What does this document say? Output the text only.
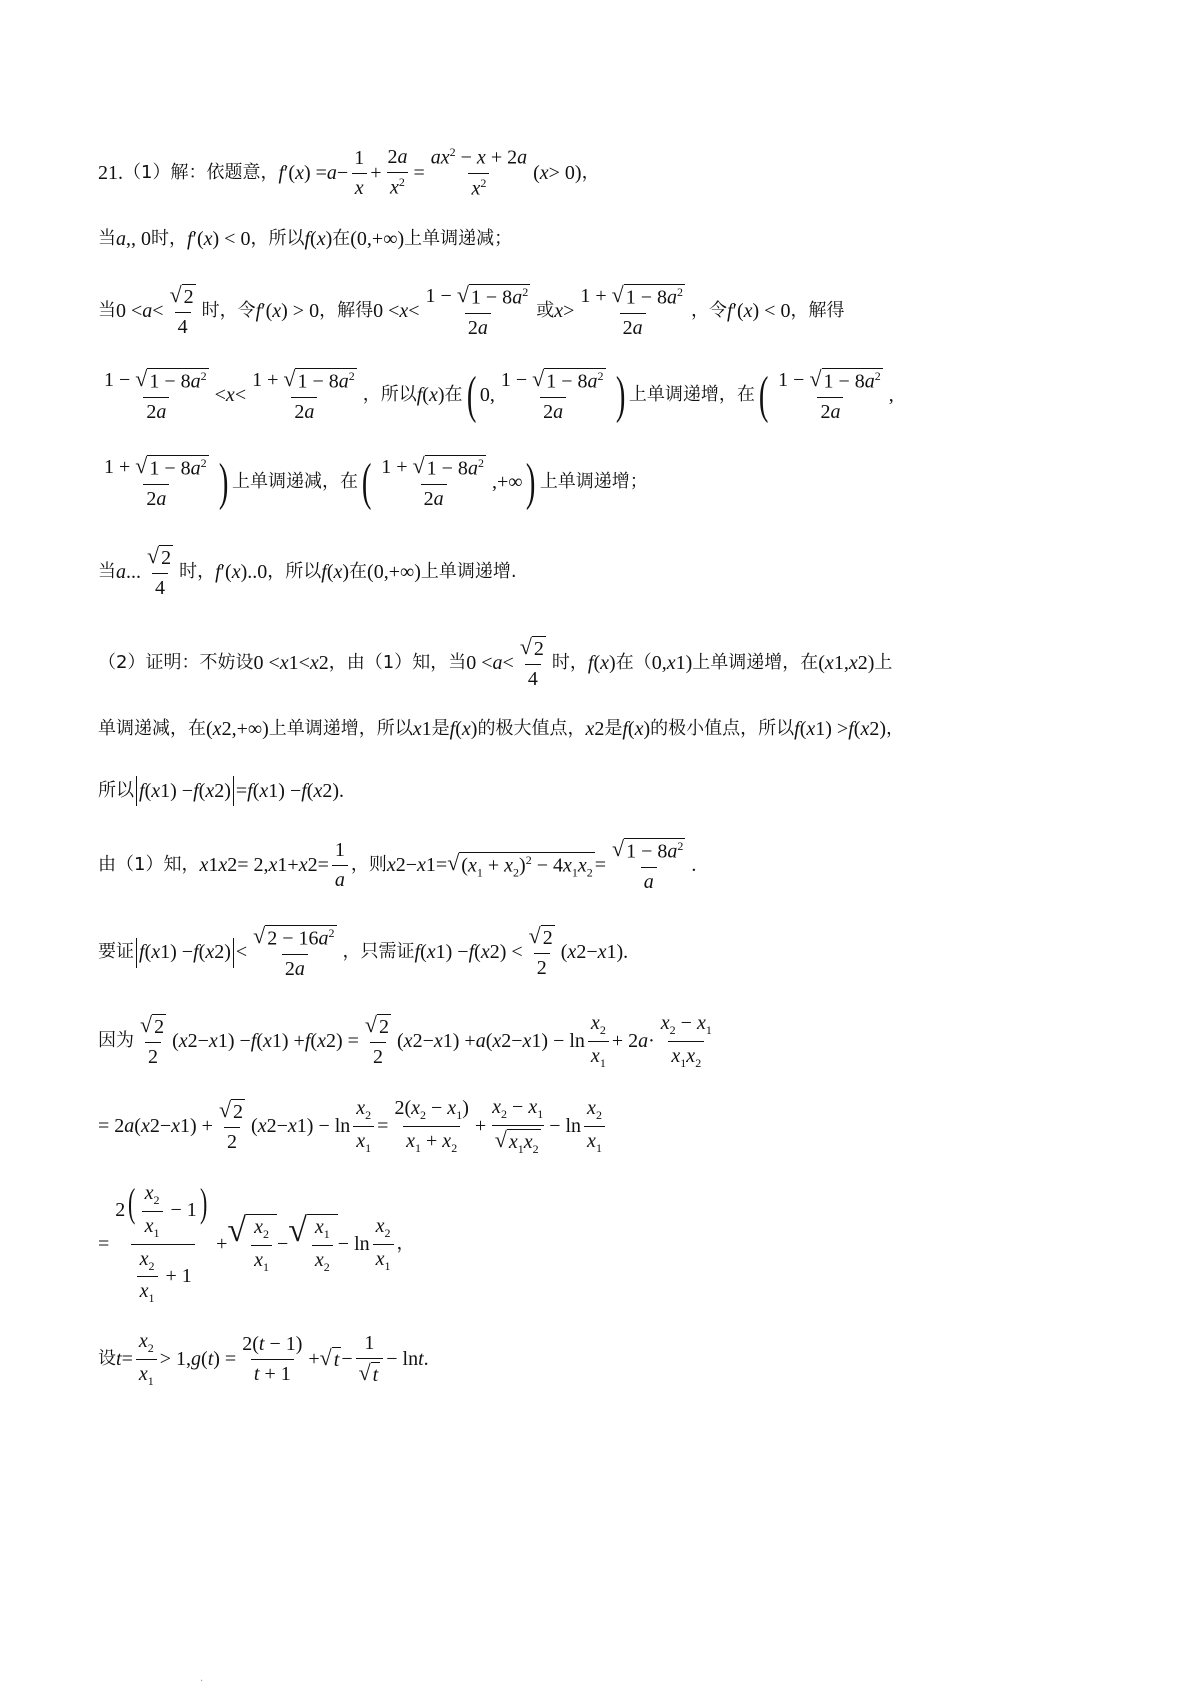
21. （1）解：依题意， f ′( x ) = $a - \frac{1}{x} + \frac{2a}{x^2} = \frac{ax^2 - x + 2a}{x^2}$ ( x > 0) ，
当 a ,, 0 时， f ′( x ) < 0 ，所以 f ( x ) 在 (0,+∞) 上单调递减；
当 $0 < a < \frac{√ 2}{4}$ 时，令 f ′( x ) > 0 ，解得 $0 < x < \frac{1 - √ 1 - 8a^2}{2a}$ 或 $x > \frac{1 + √ 1 - 8a^2}{2a}$ ，令 f ′( x ) < 0 ，解得
$\frac{1 - √ 1 - 8a^2}{2a} < x < \frac{1 + √ 1 - 8a^2}{2a}$ ，所以 f ( x ) 在 ( 0, $\frac{1 - √ 1 - 8a^2}{2a}$ ) 上单调递增， 在 ( $\frac{1 - √ 1 - 8a^2}{2a}$ ,
$\frac{1 + √ 1 - 8a^2}{2a}$ ) 上单调递减， 在 ( $\frac{1 + √ 1 - 8a^2}{2a}$ ,+∞ ) 上单调递增；
当 a ... $\frac{√ 2}{4}$ 时， f ′( x )..0 ，所以 f ( x ) 在 (0,+∞) 上单调递增.
（2）证明：不妨设 0 < x 1 < x 2 ，由（1）知，当 $0 < a < \frac{√ 2}{4}$ 时， f ( x ) 在（ 0, x 1 ) 上单调递增，在 ( x 1 , x 2 ) 上
单调递减，在 ( x 2 ,+∞) 上单调递增，所以 x 1 是 f ( x ) 的极大值点， x 2 是 f ( x ) 的极小值点，所以 f ( x 1 ) > f ( x 2 ) ，
所以 f ( x 1 ) − f ( x 2 ) = f ( x 1 ) − f ( x 2 ).
由（1）知， x 1 x 2 = 2, x 1 + x $2 = \frac{1}{a}$ ，则 x 2 − x 1 = √ $(x_1 + x_2)^2 - 4x_1x_2 = \frac{√ 1 - 8a^2}{a}$ .
要证 f ( x 1 ) − f ( x 2 ) < $\frac{√ 2 - 16a^2}{2a}$ ，只需证 f ( x 1 ) − f ( x 2 ) < $\frac{√ 2}{2}$ ( x 2 − x 1 ).
因为 $\frac{√ 2}{2}$ ( x 2 − x 1 ) − f ( x 1 ) + f ( x 2 ) = $\frac{√ 2}{2}$ ( x 2 − x 1 ) + a ( x 2 − x 1 ) − $\ln \frac{x_2}{x_1} + 2$ $a \cdot \frac{x_2 - x_1}{x_1x_2}$
= 2 a ( x 2 − x 1 ) + $\frac{√ 2}{2}$ ( x 2 − x 1 ) − $\ln \frac{x_2}{x_1} = \frac{2(x_2 - x_1)}{x_1 + x_2} + \frac{x_2 - x_1}{√ x_1x_2} - \ln \frac{x_2}{x_1}$
= $\frac{2( \frac{x_2}{x_1} - 1)}{\frac{x_2}{x_1} + 1}$ + √ $\frac{x_2}{x_1}$ − √ $\frac{x_1}{x_2} - \ln \frac{x_2}{x_1}$ ，
设 $t = \frac{x_2}{x_1} > 1$, g ( t ) = $\frac{2(t - 1)}{t + 1}$ + √ $t - \frac{1}{√ t} - \ln t$ .
·
